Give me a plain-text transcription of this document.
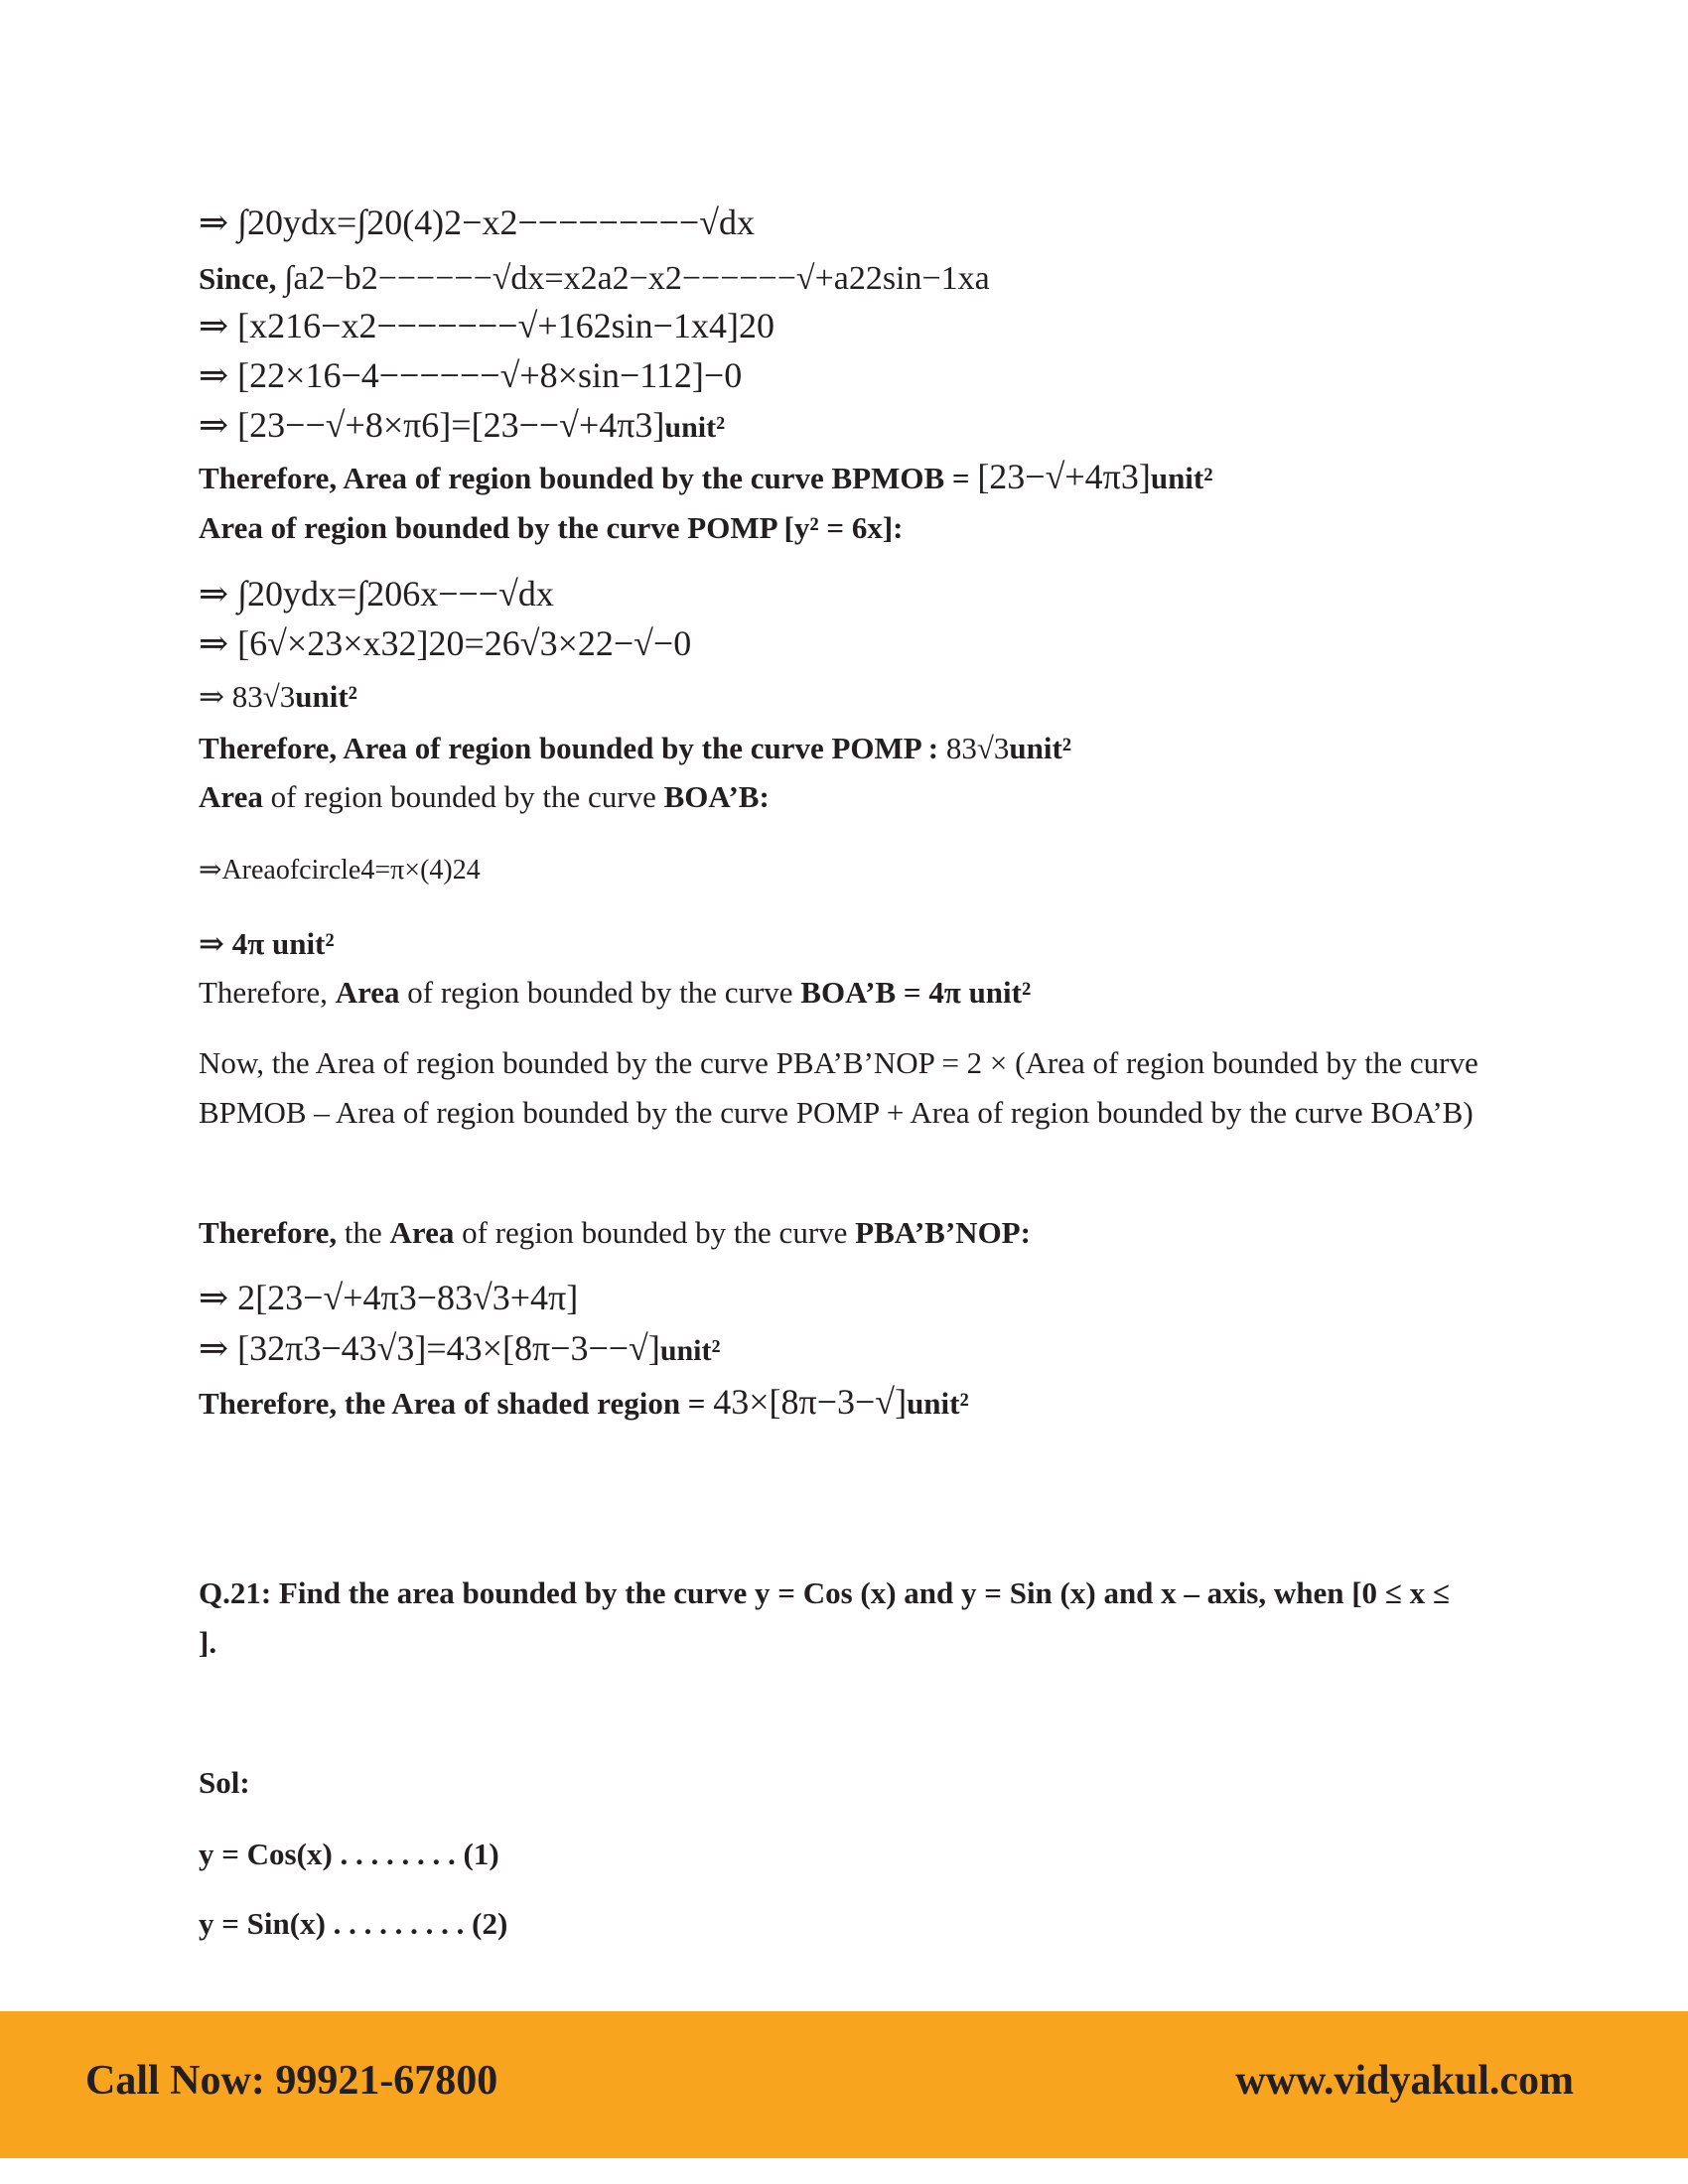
⇒ ∫20ydx=∫20(4)2−x2−−−−−−−−−√dx
Since, ∫a2−b2−−−−−−√dx=x2a2−x2−−−−−−√+a22sin−1xa
⇒ [x216−x2−−−−−−−√+162sin−1x4]20
⇒ [22×16−4−−−−−−√+8×sin−112]−0
⇒ [23−−√+8×π6]=[23−−√+4π3]unit²
Therefore, Area of region bounded by the curve BPMOB = [23−√+4π3]unit²
Area of region bounded by the curve POMP [y² = 6x]:
⇒ ∫20ydx=∫206x−−−√dx
⇒ [6√×23×x32]20=26√3×22−√−0
⇒ 83√3unit²
Therefore, Area of region bounded by the curve POMP : 83√3unit²
Area of region bounded by the curve BOA’B:
⇒Areaofcircle4=π×(4)24
⇒ 4π unit²
Therefore, Area of region bounded by the curve BOA’B = 4π unit²
Now, the Area of region bounded by the curve PBA’B’NOP = 2 × (Area of region bounded by the curve BPMOB – Area of region bounded by the curve POMP + Area of region bounded by the curve BOA’B)
Therefore, the Area of region bounded by the curve PBA’B’NOP:
⇒ 2[23−√+4π3−83√3+4π]
⇒ [32π3−43√3]=43×[8π−3−−√]unit²
Therefore, the Area of shaded region = 43×[8π−3−√]unit²
Q.21: Find the area bounded by the curve y = Cos (x) and y = Sin (x) and x – axis, when [0 ≤ x ≤ ].
Sol:
y = Cos(x) . . . . . . . . (1)
y = Sin(x) . . . . . . . . . (2)
Call Now: 99921-67800	www.vidyakul.com
